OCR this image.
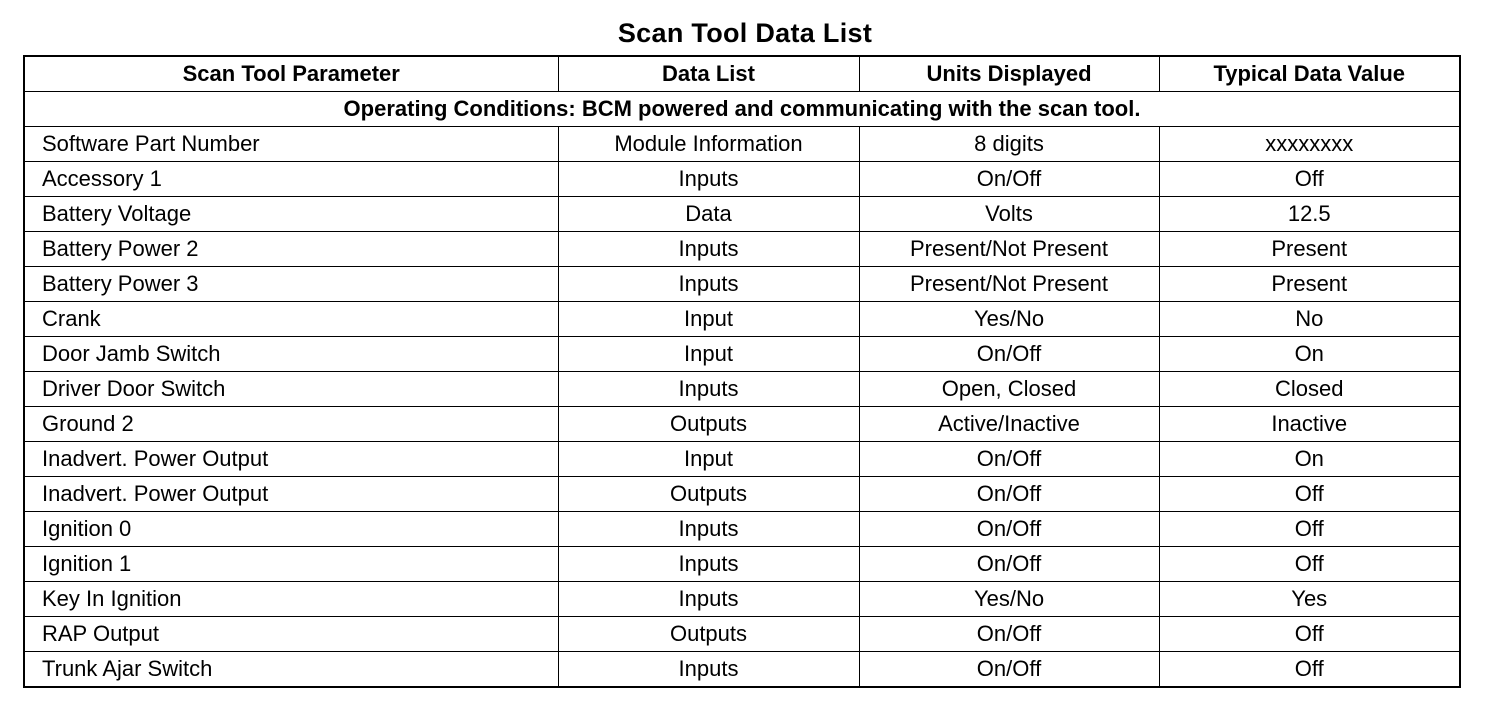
Scan Tool Data List
Scan Tool Parameter	Data List	Units Displayed	Typical Data Value
Operating Conditions: BCM powered and communicating with the scan tool.			
Software Part Number	Module Information	8 digits	xxxxxxxx
Accessory 1	Inputs	On/Off	Off
Battery Voltage	Data	Volts	12.5
Battery Power 2	Inputs	Present/Not Present	Present
Battery Power 3	Inputs	Present/Not Present	Present
Crank	Input	Yes/No	No
Door Jamb Switch	Input	On/Off	On
Driver Door Switch	Inputs	Open, Closed	Closed
Ground 2	Outputs	Active/Inactive	Inactive
Inadvert. Power Output	Input	On/Off	On
Inadvert. Power Output	Outputs	On/Off	Off
Ignition 0	Inputs	On/Off	Off
Ignition 1	Inputs	On/Off	Off
Key In Ignition	Inputs	Yes/No	Yes
RAP Output	Outputs	On/Off	Off
Trunk Ajar Switch	Inputs	On/Off	Off
